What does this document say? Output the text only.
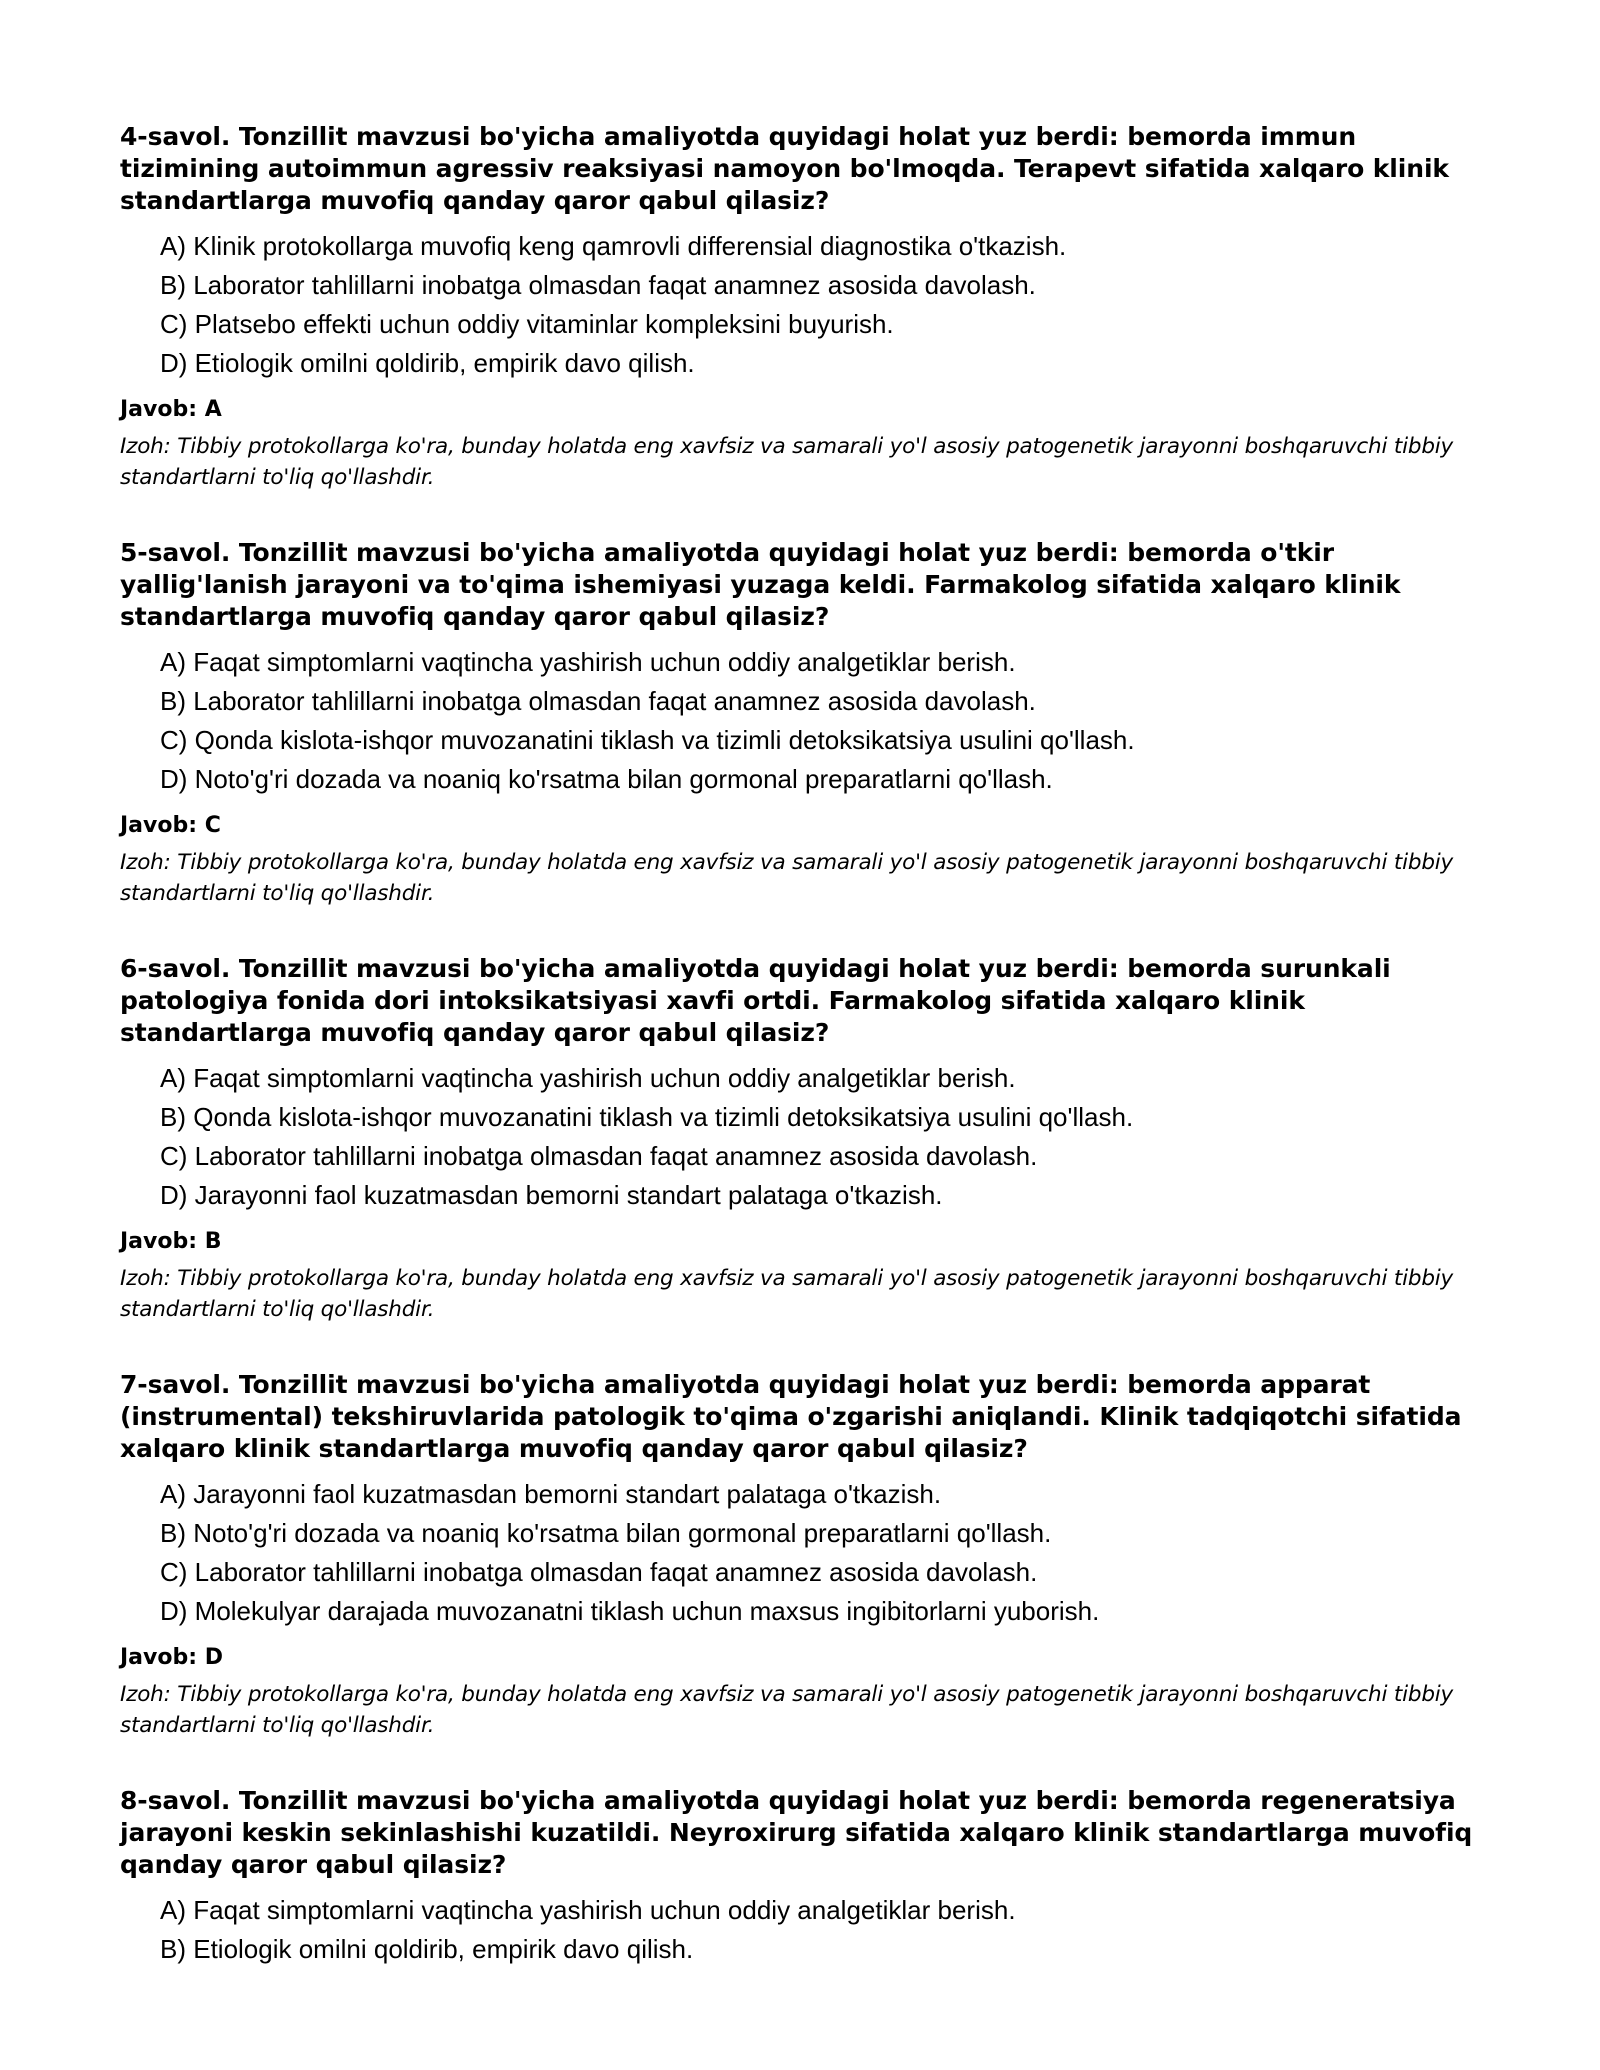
4-savol. Tonzillit mavzusi bo'yicha amaliyotda quyidagi holat yuz berdi: bemorda immun tizimining autoimmun agressiv reaksiyasi namoyon bo'lmoqda. Terapevt sifatida xalqaro klinik standartlarga muvofiq qanday qaror qabul qilasiz?

A) Klinik protokollarga muvofiq keng qamrovli differensial diagnostika o'tkazish.
B) Laborator tahlillarni inobatga olmasdan faqat anamnez asosida davolash.
C) Platsebo effekti uchun oddiy vitaminlar kompleksini buyurish.
D) Etiologik omilni qoldirib, empirik davo qilish.

Javob: A

Izoh: Tibbiy protokollarga ko'ra, bunday holatda eng xavfsiz va samarali yo'l asosiy patogenetik jarayonni boshqaruvchi tibbiy standartlarni to'liq qo'llashdir.

5-savol. Tonzillit mavzusi bo'yicha amaliyotda quyidagi holat yuz berdi: bemorda o'tkir yallig'lanish jarayoni va to'qima ishemiyasi yuzaga keldi. Farmakolog sifatida xalqaro klinik standartlarga muvofiq qanday qaror qabul qilasiz?

A) Faqat simptomlarni vaqtincha yashirish uchun oddiy analgetiklar berish.
B) Laborator tahlillarni inobatga olmasdan faqat anamnez asosida davolash.
C) Qonda kislota-ishqor muvozanatini tiklash va tizimli detoksikatsiya usulini qo'llash.
D) Noto'g'ri dozada va noaniq ko'rsatma bilan gormonal preparatlarni qo'llash.

Javob: C

Izoh: Tibbiy protokollarga ko'ra, bunday holatda eng xavfsiz va samarali yo'l asosiy patogenetik jarayonni boshqaruvchi tibbiy standartlarni to'liq qo'llashdir.

6-savol. Tonzillit mavzusi bo'yicha amaliyotda quyidagi holat yuz berdi: bemorda surunkali patologiya fonida dori intoksikatsiyasi xavfi ortdi. Farmakolog sifatida xalqaro klinik standartlarga muvofiq qanday qaror qabul qilasiz?

A) Faqat simptomlarni vaqtincha yashirish uchun oddiy analgetiklar berish.
B) Qonda kislota-ishqor muvozanatini tiklash va tizimli detoksikatsiya usulini qo'llash.
C) Laborator tahlillarni inobatga olmasdan faqat anamnez asosida davolash.
D) Jarayonni faol kuzatmasdan bemorni standart palataga o'tkazish.

Javob: B

Izoh: Tibbiy protokollarga ko'ra, bunday holatda eng xavfsiz va samarali yo'l asosiy patogenetik jarayonni boshqaruvchi tibbiy standartlarni to'liq qo'llashdir.

7-savol. Tonzillit mavzusi bo'yicha amaliyotda quyidagi holat yuz berdi: bemorda apparat (instrumental) tekshiruvlarida patologik to'qima o'zgarishi aniqlandi. Klinik tadqiqotchi sifatida xalqaro klinik standartlarga muvofiq qanday qaror qabul qilasiz?

A) Jarayonni faol kuzatmasdan bemorni standart palataga o'tkazish.
B) Noto'g'ri dozada va noaniq ko'rsatma bilan gormonal preparatlarni qo'llash.
C) Laborator tahlillarni inobatga olmasdan faqat anamnez asosida davolash.
D) Molekulyar darajada muvozanatni tiklash uchun maxsus ingibitorlarni yuborish.

Javob: D

Izoh: Tibbiy protokollarga ko'ra, bunday holatda eng xavfsiz va samarali yo'l asosiy patogenetik jarayonni boshqaruvchi tibbiy standartlarni to'liq qo'llashdir.

8-savol. Tonzillit mavzusi bo'yicha amaliyotda quyidagi holat yuz berdi: bemorda regeneratsiya jarayoni keskin sekinlashishi kuzatildi. Neyroxirurg sifatida xalqaro klinik standartlarga muvofiq qanday qaror qabul qilasiz?

A) Faqat simptomlarni vaqtincha yashirish uchun oddiy analgetiklar berish.
B) Etiologik omilni qoldirib, empirik davo qilish.
